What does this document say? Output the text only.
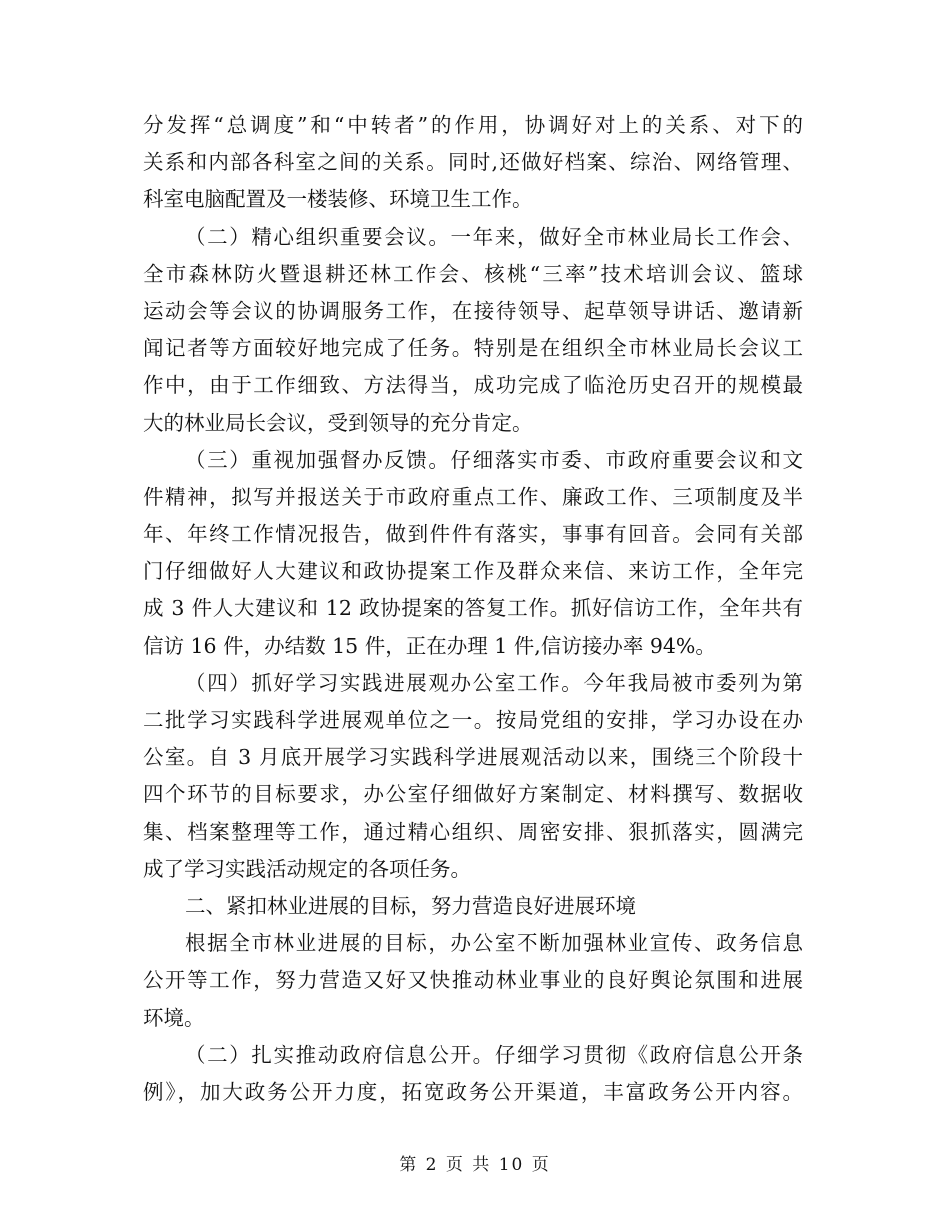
分发挥“总调度”和“中转者”的作用，协调好对上的关系、对下的
关系和内部各科室之间的关系。同时,还做好档案、综治、网络管理、
科室电脑配置及一楼装修、环境卫生工作。
（二）精心组织重要会议。一年来，做好全市林业局长工作会、
全市森林防火暨退耕还林工作会、核桃“三率”技术培训会议、篮球
运动会等会议的协调服务工作，在接待领导、起草领导讲话、邀请新
闻记者等方面较好地完成了任务。特别是在组织全市林业局长会议工
作中，由于工作细致、方法得当，成功完成了临沧历史召开的规模最
大的林业局长会议，受到领导的充分肯定。
（三）重视加强督办反馈。仔细落实市委、市政府重要会议和文
件精神，拟写并报送关于市政府重点工作、廉政工作、三项制度及半
年、年终工作情况报告，做到件件有落实，事事有回音。会同有关部
门仔细做好人大建议和政协提案工作及群众来信、来访工作，全年完
成 3 件人大建议和 12 政协提案的答复工作。抓好信访工作，全年共有
信访 16 件，办结数 15 件，正在办理 1 件,信访接办率 94%。
（四）抓好学习实践进展观办公室工作。今年我局被市委列为第
二批学习实践科学进展观单位之一。按局党组的安排，学习办设在办
公室。自 3 月底开展学习实践科学进展观活动以来，围绕三个阶段十
四个环节的目标要求，办公室仔细做好方案制定、材料撰写、数据收
集、档案整理等工作，通过精心组织、周密安排、狠抓落实，圆满完
成了学习实践活动规定的各项任务。
二、紧扣林业进展的目标，努力营造良好进展环境
根据全市林业进展的目标，办公室不断加强林业宣传、政务信息
公开等工作，努力营造又好又快推动林业事业的良好舆论氛围和进展
环境。
（二）扎实推动政府信息公开。仔细学习贯彻《政府信息公开条
例》，加大政务公开力度，拓宽政务公开渠道，丰富政务公开内容。
第 2 页 共 10 页
